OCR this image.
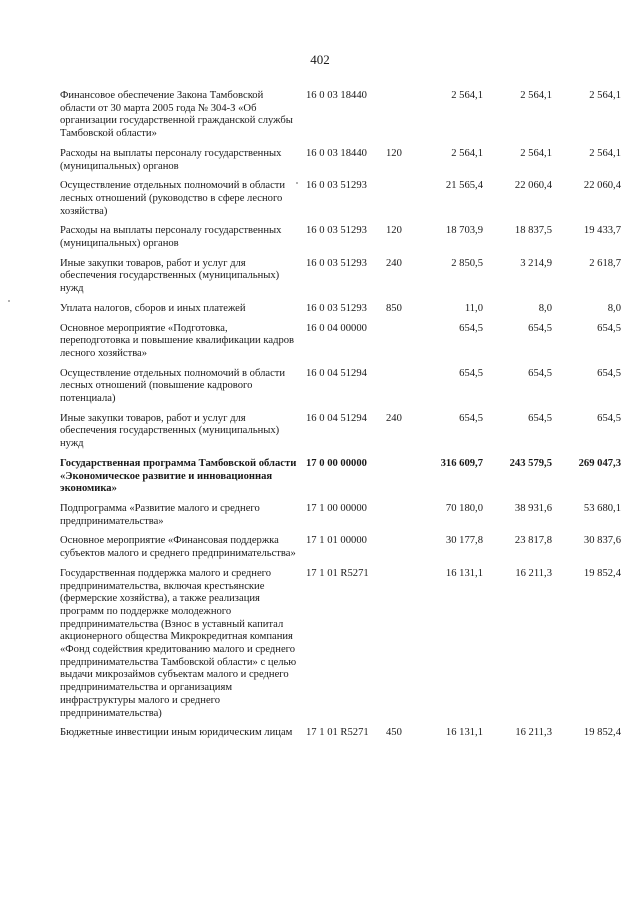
402
Финансовое обеспечение Закона Тамбовской области от 30 марта 2005 года № 304-З «Об организации государственной гражданской службы Тамбовской области»	16 0 03 18440		2 564,1	2 564,1	2 564,1
Расходы на выплаты персоналу государственных (муниципальных) органов	16 0 03 18440	120	2 564,1	2 564,1	2 564,1
Осуществление отдельных полномочий в области лесных отношений (руководство в сфере лесного хозяйства)	16 0 03 51293		21 565,4	22 060,4	22 060,4
Расходы на выплаты персоналу государственных (муниципальных) органов	16 0 03 51293	120	18 703,9	18 837,5	19 433,7
Иные закупки товаров, работ и услуг для обеспечения государственных (муниципальных) нужд	16 0 03 51293	240	2 850,5	3 214,9	2 618,7
Уплата налогов, сборов и иных платежей	16 0 03 51293	850	11,0	8,0	8,0
Основное мероприятие «Подготовка, переподготовка и повышение квалификации кадров лесного хозяйства»	16 0 04 00000		654,5	654,5	654,5
Осуществление отдельных полномочий в области лесных отношений (повышение кадрового потенциала)	16 0 04 51294		654,5	654,5	654,5
Иные закупки товаров, работ и услуг для обеспечения государственных (муниципальных) нужд	16 0 04 51294	240	654,5	654,5	654,5
Государственная программа Тамбовской области «Экономическое развитие и инновационная экономика»	17 0 00 00000		316 609,7	243 579,5	269 047,3
Подпрограмма «Развитие малого и среднего предпринимательства»	17 1 00 00000		70 180,0	38 931,6	53 680,1
Основное мероприятие «Финансовая поддержка субъектов малого и среднего предпринимательства»	17 1 01 00000		30 177,8	23 817,8	30 837,6
Государственная поддержка малого и среднего предпринимательства, включая крестьянские (фермерские хозяйства), а также реализация программ по поддержке молодежного предпринимательства (Взнос в уставный капитал акционерного общества Микрокредитная компания «Фонд содействия кредитованию малого и среднего предпринимательства Тамбовской области» с целью выдачи микрозаймов субъектам малого и среднего предпринимательства и организациям инфраструктуры малого и среднего предпринимательства)	17 1 01 R5271		16 131,1	16 211,3	19 852,4
Бюджетные инвестиции иным юридическим лицам	17 1 01 R5271	450	16 131,1	16 211,3	19 852,4
